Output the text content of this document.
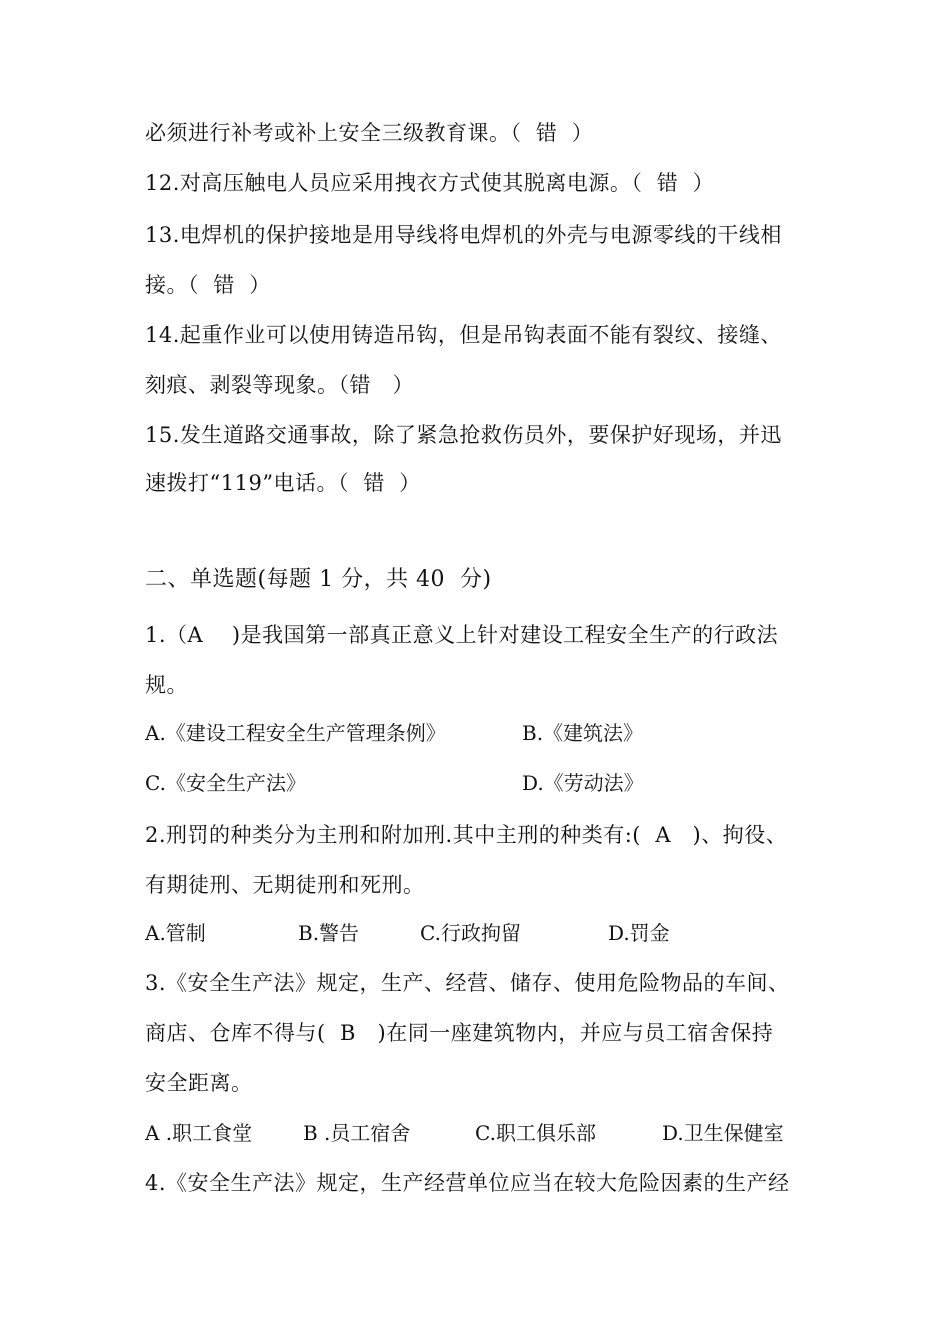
必须进行补考或补上安全三级教育课。（  错  ）
12.对高压触电人员应采用拽衣方式使其脱离电源。（  错  ）
13.电焊机的保护接地是用导线将电焊机的外壳与电源零线的干线相
接。（  错  ）
14.起重作业可以使用铸造吊钩，但是吊钩表面不能有裂纹、接缝、
刻痕、剥裂等现象。（错   ）
15.发生道路交通事故，除了紧急抢救伤员外，要保护好现场，并迅
速拨打“119”电话。（  错  ）
二、单选题(每题 1 分，共 40  分)
1.（A    )是我国第一部真正意义上针对建设工程安全生产的行政法
规。
A.《建设工程安全生产管理条例》	B.《建筑法》
C.《安全生产法》	D.《劳动法》
2.刑罚的种类分为主刑和附加刑.其中主刑的种类有:(  A   )、拘役、
有期徒刑、无期徒刑和死刑。
A.管制	B.警告	C.行政拘留	D.罚金
3.《安全生产法》规定，生产、经营、储存、使用危险物品的车间、
商店、仓库不得与(  B   )在同一座建筑物内，并应与员工宿舍保持
安全距离。
A .职工食堂	B .员工宿舍	C.职工俱乐部	D.卫生保健室
4.《安全生产法》规定，生产经营单位应当在较大危险因素的生产经
